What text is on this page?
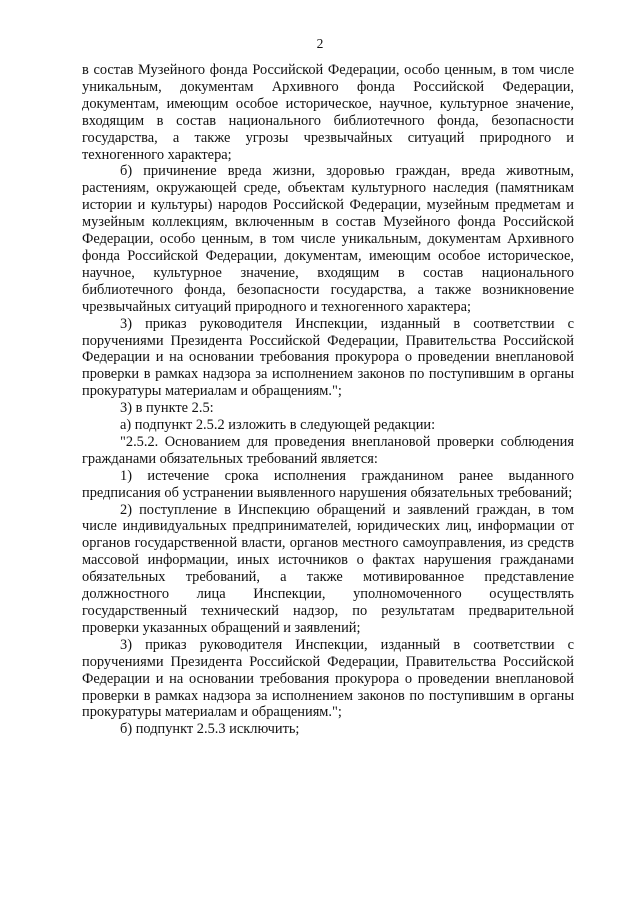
2

в состав Музейного фонда Российской Федерации, особо ценным, в том числе уникальным, документам Архивного фонда Российской Федерации, документам, имеющим особое историческое, научное, культурное значение, входящим в состав национального библиотечного фонда, безопасности государства, а также угрозы чрезвычайных ситуаций природного и техногенного характера;

б) причинение вреда жизни, здоровью граждан, вреда животным, растениям, окружающей среде, объектам культурного наследия (памятникам истории и культуры) народов Российской Федерации, музейным предметам и музейным коллекциям, включенным в состав Музейного фонда Российской Федерации, особо ценным, в том числе уникальным, документам Архивного фонда Российской Федерации, документам, имеющим особое историческое, научное, культурное значение, входящим в состав национального библиотечного фонда, безопасности государства, а также возникновение чрезвычайных ситуаций природного и техногенного характера;

3) приказ руководителя Инспекции, изданный в соответствии с поручениями Президента Российской Федерации, Правительства Российской Федерации и на основании требования прокурора о проведении внеплановой проверки в рамках надзора за исполнением законов по поступившим в органы прокуратуры материалам и обращениям.";

3) в пункте 2.5:

а) подпункт 2.5.2 изложить в следующей редакции:

"2.5.2. Основанием для проведения внеплановой проверки соблюдения гражданами обязательных требований является:

1) истечение срока исполнения гражданином ранее выданного предписания об устранении выявленного нарушения обязательных требований;

2) поступление в Инспекцию обращений и заявлений граждан, в том числе индивидуальных предпринимателей, юридических лиц, информации от органов государственной власти, органов местного самоуправления, из средств массовой информации, иных источников о фактах нарушения гражданами обязательных требований, а также мотивированное представление должностного лица Инспекции, уполномоченного осуществлять государственный технический надзор, по результатам предварительной проверки указанных обращений и заявлений;

3) приказ руководителя Инспекции, изданный в соответствии с поручениями Президента Российской Федерации, Правительства Российской Федерации и на основании требования прокурора о проведении внеплановой проверки в рамках надзора за исполнением законов по поступившим в органы прокуратуры материалам и обращениям.";

б) подпункт 2.5.3 исключить;
